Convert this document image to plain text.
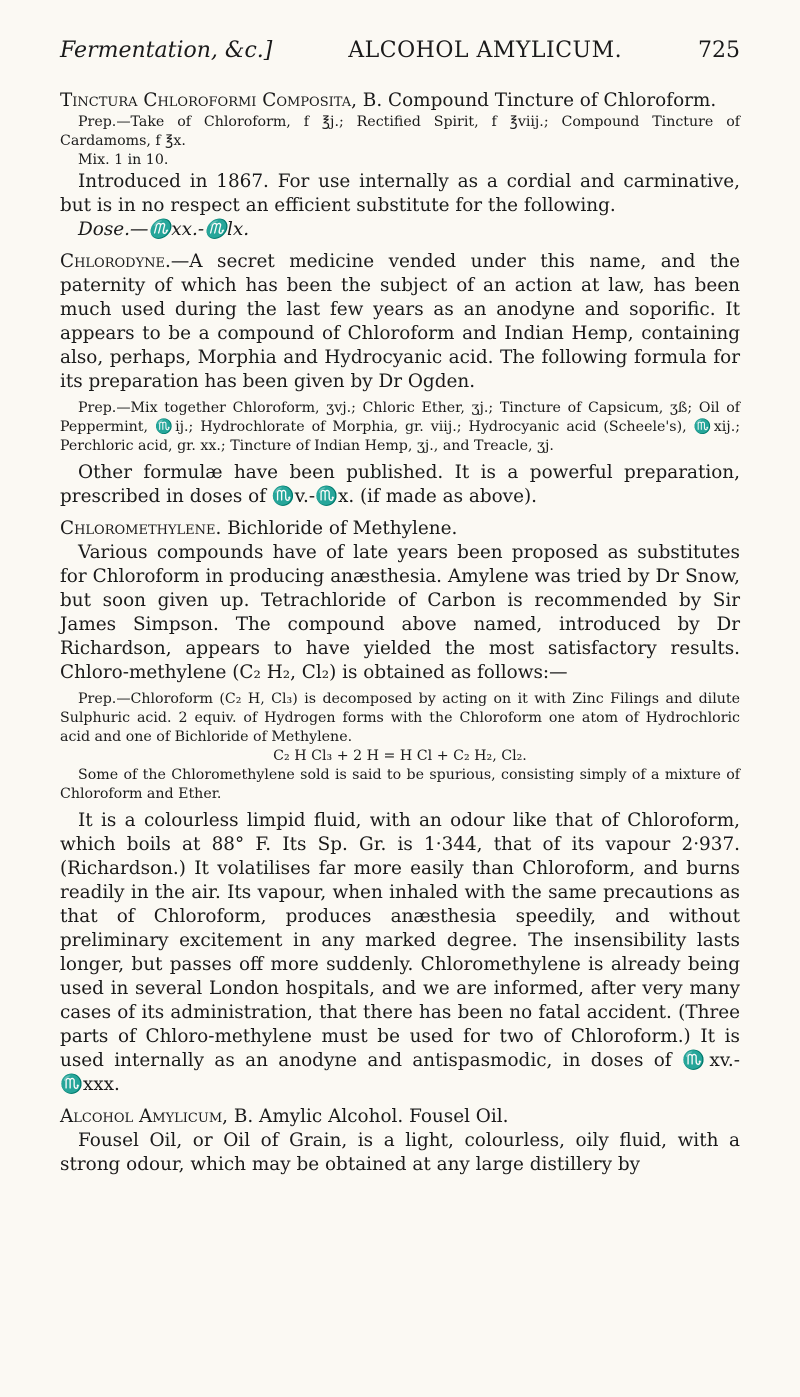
Fermentation, &c.]	ALCOHOL AMYLICUM.	725

Tinctura Chloroformi Composita, B. Compound Tincture of Chloroform.

Prep.—Take of Chloroform, f ℥j.; Rectified Spirit, f ℥viij.; Compound Tincture of Cardamoms, f ℥x.

Mix. 1 in 10.

Introduced in 1867. For use internally as a cordial and carminative, but is in no respect an efficient substitute for the following.

Dose.—♏xx.-♏lx.

Chlorodyne.—A secret medicine vended under this name, and the paternity of which has been the subject of an action at law, has been much used during the last few years as an anodyne and soporific. It appears to be a compound of Chloroform and Indian Hemp, containing also, perhaps, Morphia and Hydrocyanic acid. The following formula for its preparation has been given by Dr Ogden.

Prep.—Mix together Chloroform, ʒvj.; Chloric Ether, ʒj.; Tincture of Capsicum, ʒß; Oil of Peppermint, ♏ij.; Hydrochlorate of Morphia, gr. viij.; Hydrocyanic acid (Scheele's), ♏xij.; Perchloric acid, gr. xx.; Tincture of Indian Hemp, ʒj., and Treacle, ʒj.

Other formulæ have been published. It is a powerful preparation, prescribed in doses of ♏v.-♏x. (if made as above).

Chloromethylene. Bichloride of Methylene.

Various compounds have of late years been proposed as substitutes for Chloroform in producing anæsthesia. Amylene was tried by Dr Snow, but soon given up. Tetrachloride of Carbon is recommended by Sir James Simpson. The compound above named, introduced by Dr Richardson, appears to have yielded the most satisfactory results. Chloro-methylene (C₂ H₂, Cl₂) is obtained as follows:—

Prep.—Chloroform (C₂ H, Cl₃) is decomposed by acting on it with Zinc Filings and dilute Sulphuric acid. 2 equiv. of Hydrogen forms with the Chloroform one atom of Hydrochloric acid and one of Bichloride of Methylene.

C₂ H Cl₃ + 2 H = H Cl + C₂ H₂, Cl₂.

Some of the Chloromethylene sold is said to be spurious, consisting simply of a mixture of Chloroform and Ether.

It is a colourless limpid fluid, with an odour like that of Chloroform, which boils at 88° F. Its Sp. Gr. is 1·344, that of its vapour 2·937. (Richardson.) It volatilises far more easily than Chloroform, and burns readily in the air. Its vapour, when inhaled with the same precautions as that of Chloroform, produces anæsthesia speedily, and without preliminary excitement in any marked degree. The insensibility lasts longer, but passes off more suddenly. Chloromethylene is already being used in several London hospitals, and we are informed, after very many cases of its administration, that there has been no fatal accident. (Three parts of Chloro-methylene must be used for two of Chloroform.) It is used internally as an anodyne and antispasmodic, in doses of ♏xv.-♏xxx.

Alcohol Amylicum, B. Amylic Alcohol. Fousel Oil.

Fousel Oil, or Oil of Grain, is a light, colourless, oily fluid, with a strong odour, which may be obtained at any large distillery by
